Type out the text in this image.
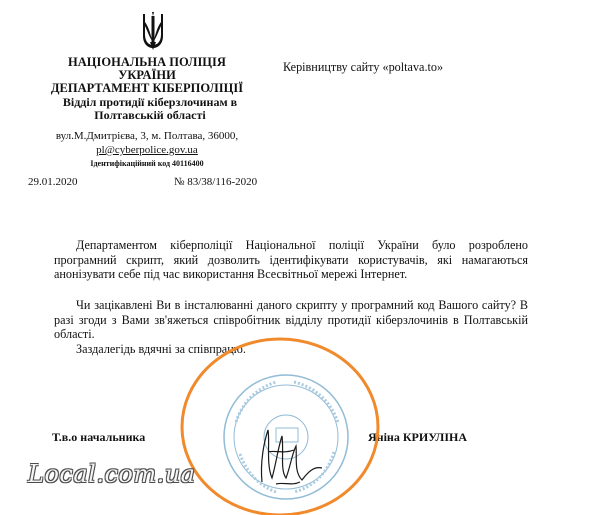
НАЦІОНАЛЬНА ПОЛІЦІЯ
УКРАЇНИ
ДЕПАРТАМЕНТ КІБЕРПОЛІЦІЇ
Відділ протидії кіберзлочинам в
Полтавській області
вул.М.Дмитрієва, 3, м. Полтава, 36000,
pl@cyberpolice.gov.ua
Ідентифікаційний код 40116400
Керівництву сайту «poltava.to»
29.01.2020	№ 83/38/116-2020
Департаментом кіберполіції Національної поліції України було розроблено програмний скрипт, який дозволить ідентифікувати користувачів, які намагаються анонізувати себе під час використання Всесвітньої мережі Інтернет.
Чи зацікавлені Ви в інсталюванні даного скрипту у програмний код Вашого сайту? В разі згоди з Вами зв'яжеться співробітник відділу протидії кіберзлочинів в Полтавській області.
Заздалегідь вдячні за співпрацю.
Т.в.о начальника	Яніна КРИУЛІНА
Local.com.ua
